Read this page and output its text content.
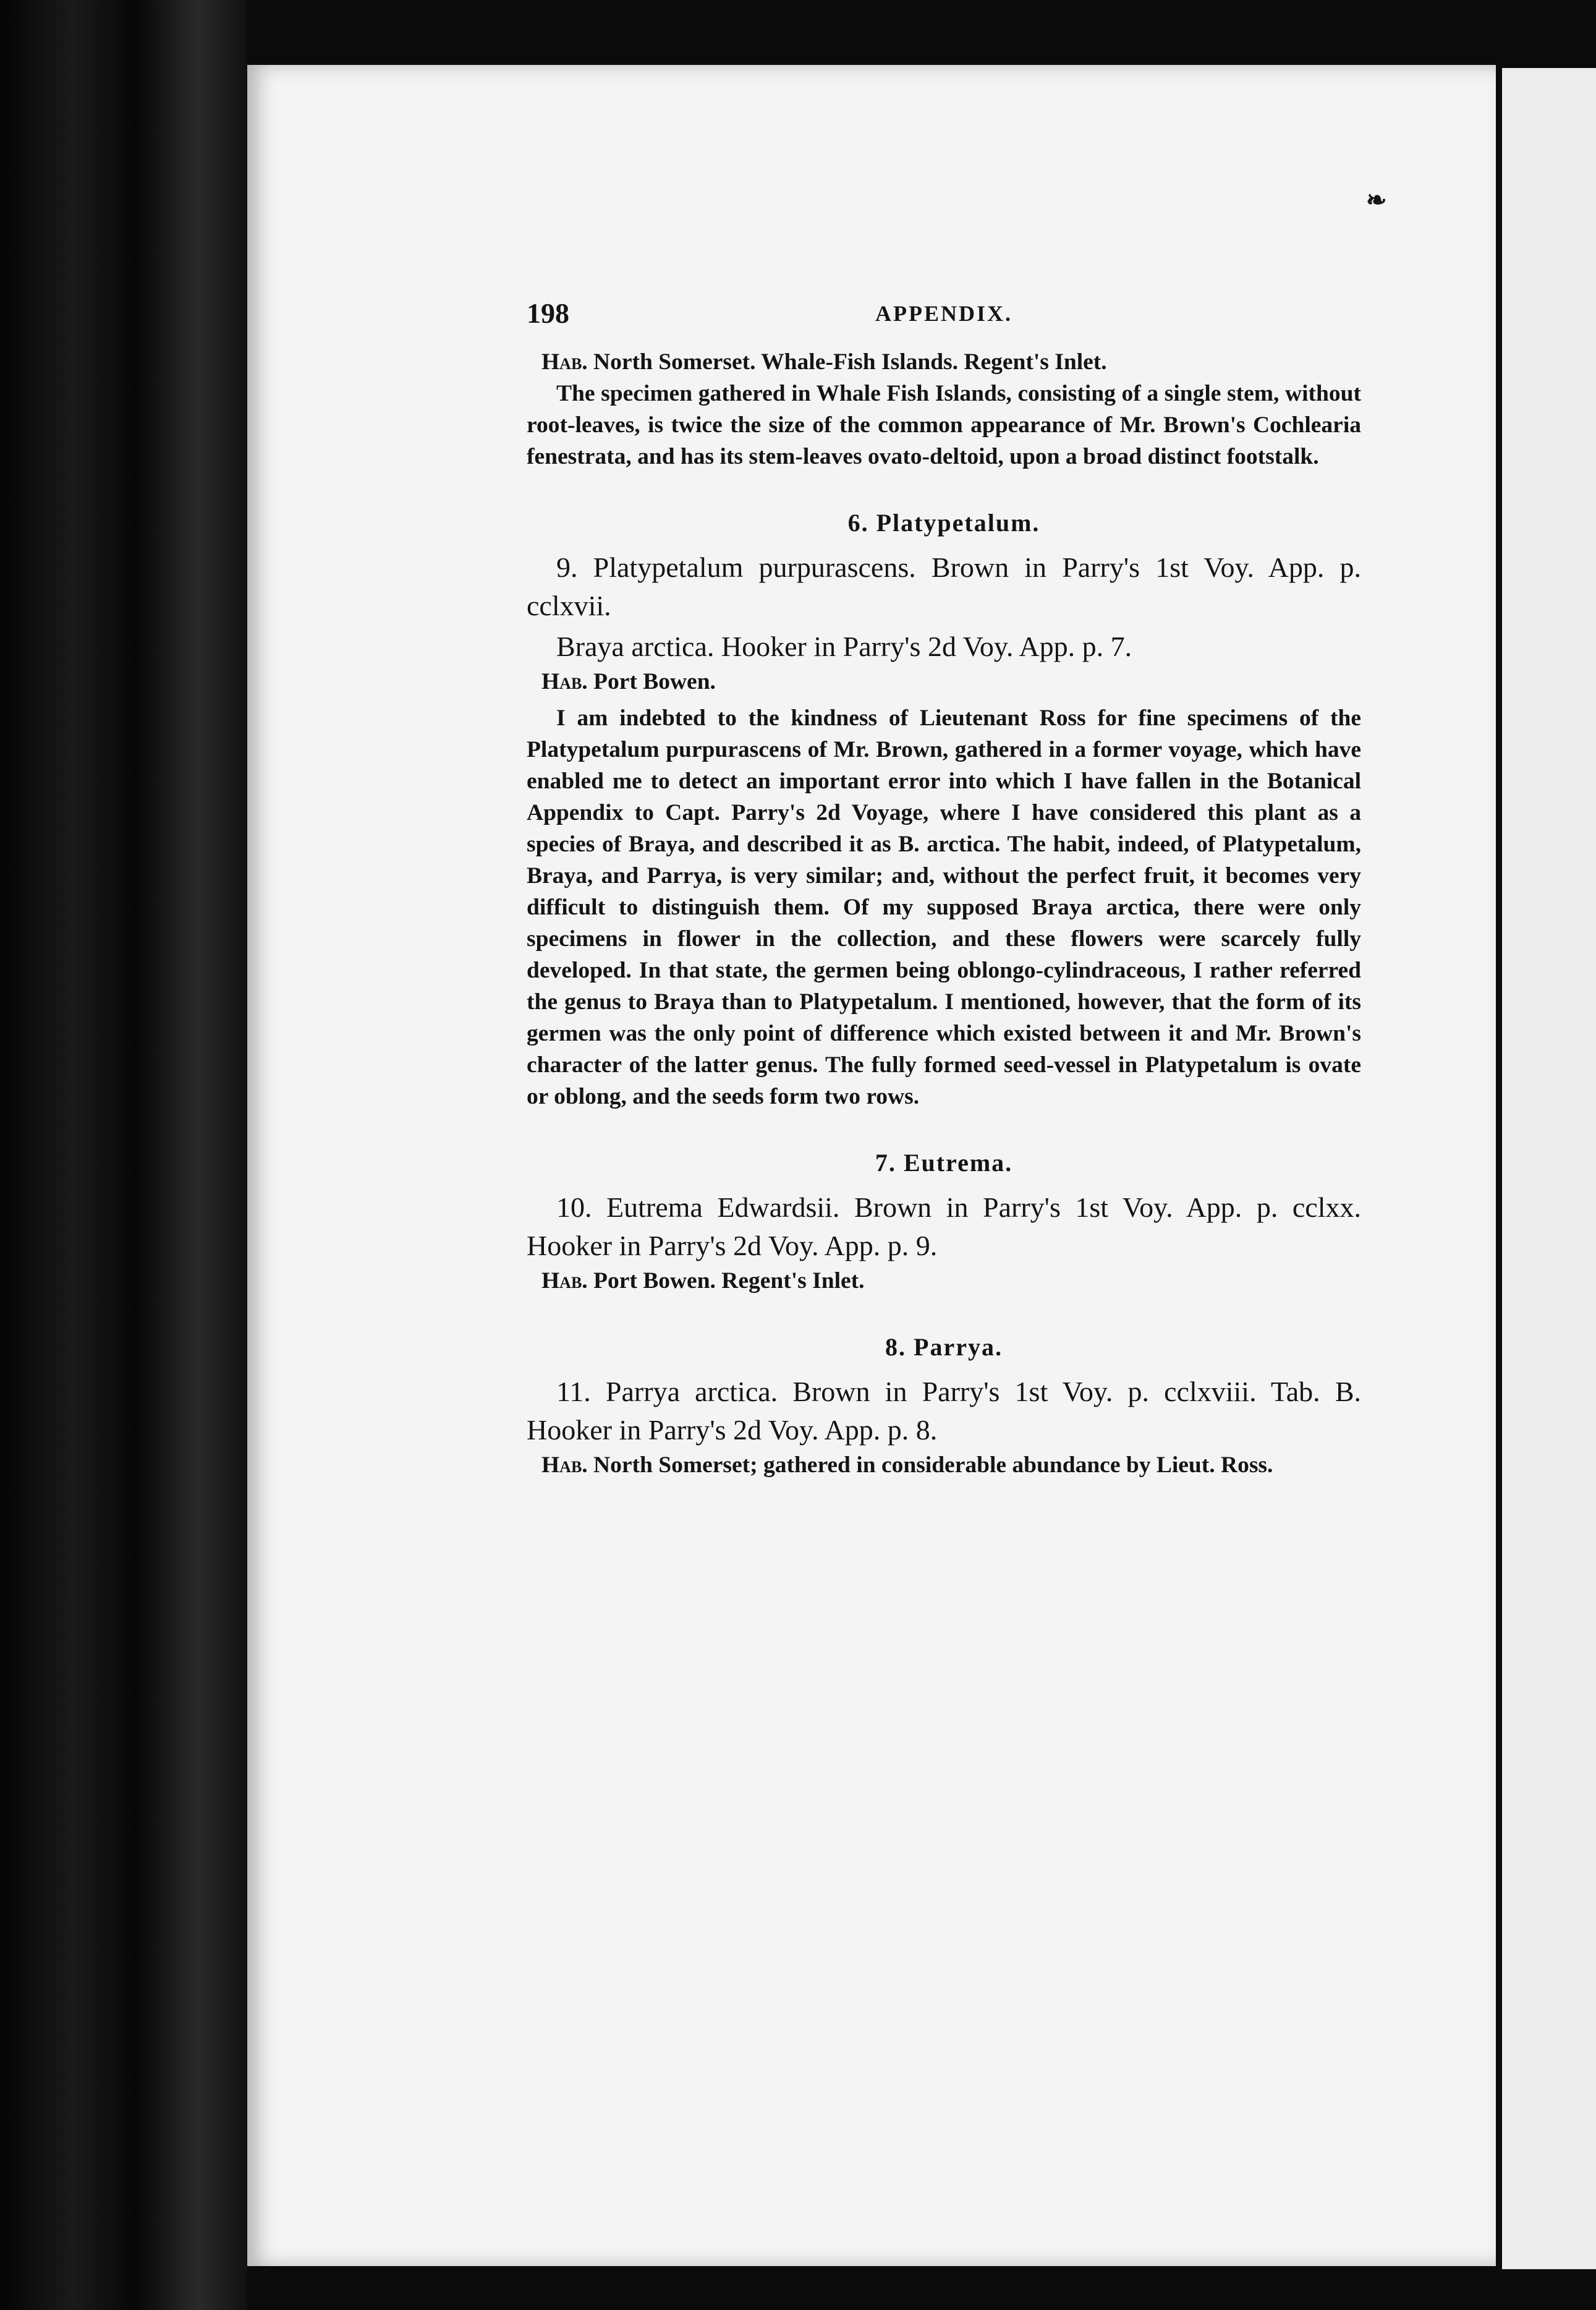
❧
198	APPENDIX.

Hab. North Somerset. Whale-Fish Islands. Regent's Inlet.

The specimen gathered in Whale Fish Islands, consisting of a single stem, without root-leaves, is twice the size of the common appearance of Mr. Brown's Cochlearia fenestrata, and has its stem-leaves ovato-deltoid, upon a broad distinct footstalk.

6. Platypetalum.

9. Platypetalum purpurascens. Brown in Parry's 1st Voy. App. p. cclxvii.

Braya arctica. Hooker in Parry's 2d Voy. App. p. 7.

Hab. Port Bowen.

I am indebted to the kindness of Lieutenant Ross for fine specimens of the Platypetalum purpurascens of Mr. Brown, gathered in a former voyage, which have enabled me to detect an important error into which I have fallen in the Botanical Appendix to Capt. Parry's 2d Voyage, where I have considered this plant as a species of Braya, and described it as B. arctica. The habit, indeed, of Platypetalum, Braya, and Parrya, is very similar; and, without the perfect fruit, it becomes very difficult to distinguish them. Of my supposed Braya arctica, there were only specimens in flower in the collection, and these flowers were scarcely fully developed. In that state, the germen being oblongo-cylindraceous, I rather referred the genus to Braya than to Platypetalum. I mentioned, however, that the form of its germen was the only point of difference which existed between it and Mr. Brown's character of the latter genus. The fully formed seed-vessel in Platypetalum is ovate or oblong, and the seeds form two rows.

7. Eutrema.

10. Eutrema Edwardsii. Brown in Parry's 1st Voy. App. p. cclxx. Hooker in Parry's 2d Voy. App. p. 9.

Hab. Port Bowen. Regent's Inlet.

8. Parrya.

11. Parrya arctica. Brown in Parry's 1st Voy. p. cclxviii. Tab. B. Hooker in Parry's 2d Voy. App. p. 8.

Hab. North Somerset; gathered in considerable abundance by Lieut. Ross.
